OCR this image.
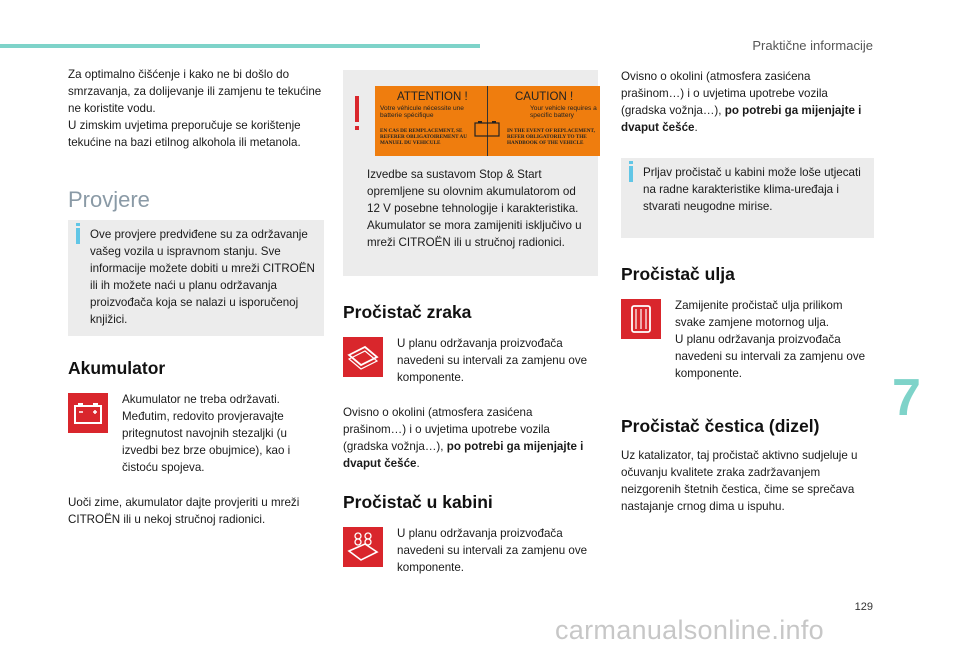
Praktične informacije

Za optimalno čišćenje i kako ne bi došlo do smrzavanja, za dolijevanje ili zamjenu te tekućine ne koristite vodu.

U zimskim uvjetima preporučuje se korištenje tekućine na bazi etilnog alkohola ili metanola.

Provjere

Ove provjere predviđene su za održavanje vašeg vozila u ispravnom stanju. Sve informacije možete dobiti u mreži CITROËN ili ih možete naći u planu održavanja proizvođača koja se nalazi u isporučenoj knjižici.

Akumulator

Akumulator ne treba održavati. Međutim, redovito provjeravajte pritegnutost navojnih stezaljki (u izvedbi bez brze obujmice), kao i čistoću spojeva.

Uoči zime, akumulator dajte provjeriti u mreži CITROËN ili u nekoj stručnoj radionici.

ATTENTION !	CAUTION !
Votre véhicule nécessite une batterie spécifique
Your vehicle requires a specific battery
EN CAS DE REMPLACEMENT, SE REFERER OBLIGATOIREMENT AU MANUEL DU VEHICULE
IN THE EVENT OF REPLACEMENT, REFER OBLIGATORILY TO THE HANDBOOK OF THE VEHICLE

Izvedbe sa sustavom Stop & Start opremljene su olovnim akumulatorom od 12 V posebne tehnologije i karakteristika. Akumulator se mora zamijeniti isključivo u mreži CITROËN ili u stručnoj radionici.

Pročistač zraka

U planu održavanja proizvođača navedeni su intervali za zamjenu ove komponente.

Ovisno o okolini (atmosfera zasićena prašinom…) i o uvjetima upotrebe vozila (gradska vožnja…), po potrebi ga mijenjajte i dvaput češće.

Pročistač u kabini

U planu održavanja proizvođača navedeni su intervali za zamjenu ove komponente.

Ovisno o okolini (atmosfera zasićena prašinom…) i o uvjetima upotrebe vozila (gradska vožnja…), po potrebi ga mijenjajte i dvaput češće.

Prljav pročistač u kabini može loše utjecati na radne karakteristike klima-uređaja i stvarati neugodne mirise.

Pročistač ulja

Zamijenite pročistač ulja prilikom svake zamjene motornog ulja.

U planu održavanja proizvođača navedeni su intervali za zamjenu ove komponente.

Pročistač čestica (dizel)

Uz katalizator, taj pročistač aktivno sudjeluje u očuvanju kvalitete zraka zadržavanjem neizgorenih štetnih čestica, čime se sprečava nastajanje crnog dima u ispuhu.

7
129
carmanualsonline.info
